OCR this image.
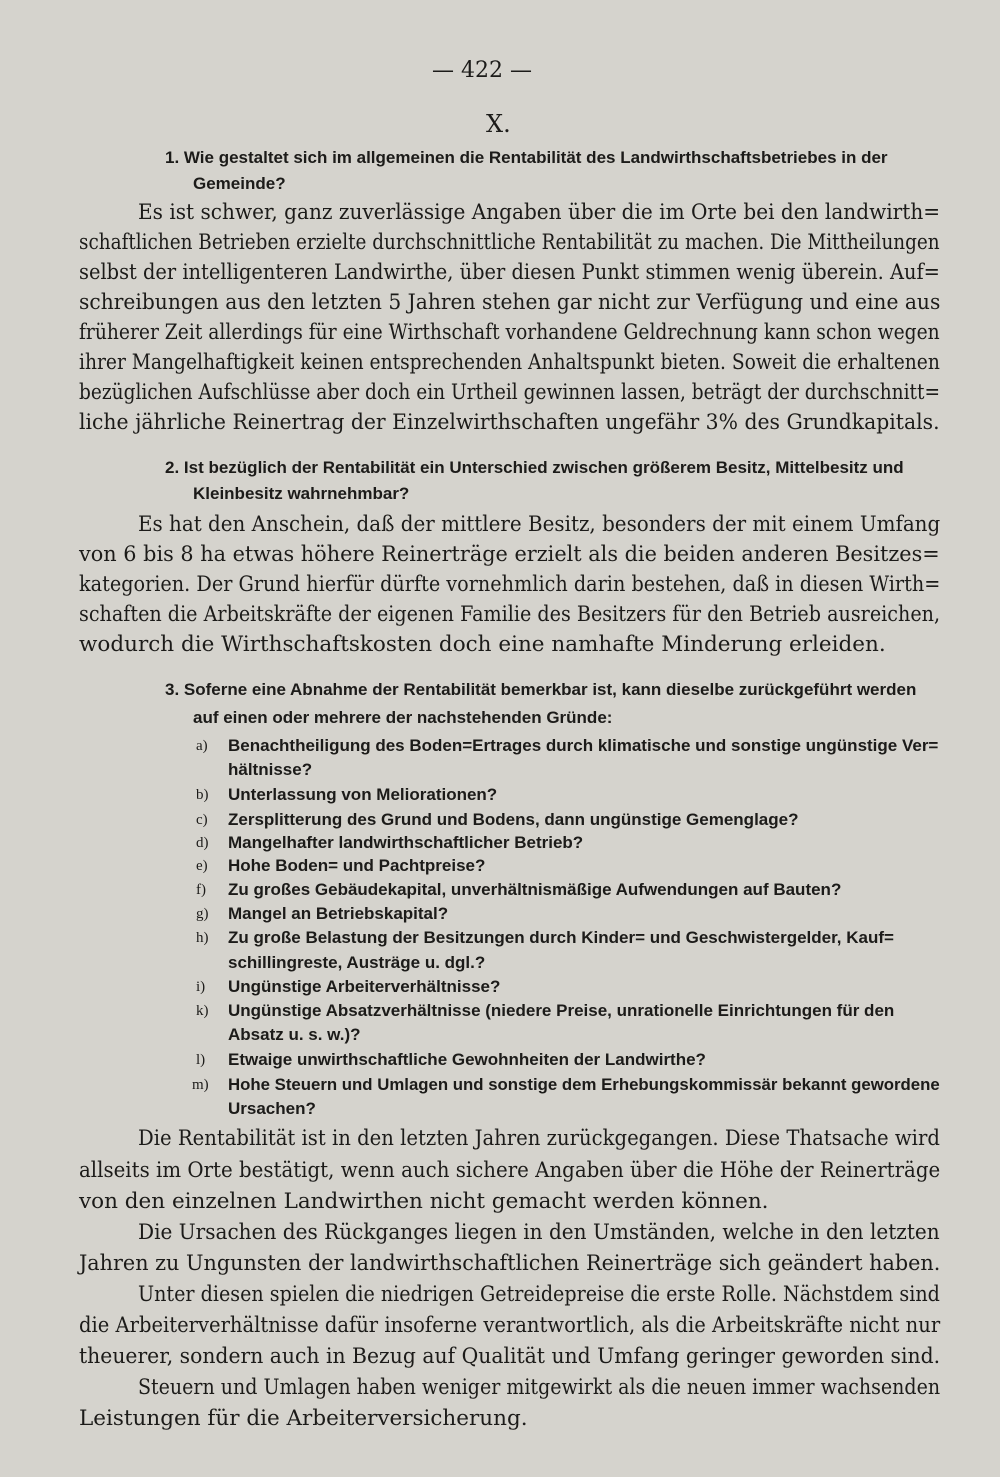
— 422 —
X.
1. Wie gestaltet sich im allgemeinen die Rentabilität des Landwirthschaftsbetriebes in der
Gemeinde?
Es ist schwer, ganz zuverlässige Angaben über die im Orte bei den landwirth=
schaftlichen Betrieben erzielte durchschnittliche Rentabilität zu machen. Die Mittheilungen
selbst der intelligenteren Landwirthe, über diesen Punkt stimmen wenig überein. Auf=
schreibungen aus den letzten 5 Jahren stehen gar nicht zur Verfügung und eine aus
früherer Zeit allerdings für eine Wirthschaft vorhandene Geldrechnung kann schon wegen
ihrer Mangelhaftigkeit keinen entsprechenden Anhaltspunkt bieten. Soweit die erhaltenen
bezüglichen Aufschlüsse aber doch ein Urtheil gewinnen lassen, beträgt der durchschnitt=
liche jährliche Reinertrag der Einzelwirthschaften ungefähr 3% des Grundkapitals.
2. Ist bezüglich der Rentabilität ein Unterschied zwischen größerem Besitz, Mittelbesitz und
Kleinbesitz wahrnehmbar?
Es hat den Anschein, daß der mittlere Besitz, besonders der mit einem Umfang
von 6 bis 8 ha etwas höhere Reinerträge erzielt als die beiden anderen Besitzes=
kategorien. Der Grund hierfür dürfte vornehmlich darin bestehen, daß in diesen Wirth=
schaften die Arbeitskräfte der eigenen Familie des Besitzers für den Betrieb ausreichen,
wodurch die Wirthschaftskosten doch eine namhafte Minderung erleiden.
3. Soferne eine Abnahme der Rentabilität bemerkbar ist, kann dieselbe zurückgeführt werden
auf einen oder mehrere der nachstehenden Gründe:
a) Benachtheiligung des Boden=Ertrages durch klimatische und sonstige ungünstige Ver=
hältnisse?
b) Unterlassung von Meliorationen?
c) Zersplitterung des Grund und Bodens, dann ungünstige Gemenglage?
d) Mangelhafter landwirthschaftlicher Betrieb?
e) Hohe Boden= und Pachtpreise?
f) Zu großes Gebäudekapital, unverhältnismäßige Aufwendungen auf Bauten?
g) Mangel an Betriebskapital?
h) Zu große Belastung der Besitzungen durch Kinder= und Geschwistergelder, Kauf=
schillingreste, Austräge u. dgl.?
i) Ungünstige Arbeiterverhältnisse?
k) Ungünstige Absatzverhältnisse (niedere Preise, unrationelle Einrichtungen für den
Absatz u. s. w.)?
l) Etwaige unwirthschaftliche Gewohnheiten der Landwirthe?
m) Hohe Steuern und Umlagen und sonstige dem Erhebungskommissär bekannt gewordene
Ursachen?
Die Rentabilität ist in den letzten Jahren zurückgegangen. Diese Thatsache wird
allseits im Orte bestätigt, wenn auch sichere Angaben über die Höhe der Reinerträge
von den einzelnen Landwirthen nicht gemacht werden können.
Die Ursachen des Rückganges liegen in den Umständen, welche in den letzten
Jahren zu Ungunsten der landwirthschaftlichen Reinerträge sich geändert haben.
Unter diesen spielen die niedrigen Getreidepreise die erste Rolle. Nächstdem sind
die Arbeiterverhältnisse dafür insoferne verantwortlich, als die Arbeitskräfte nicht nur
theuerer, sondern auch in Bezug auf Qualität und Umfang geringer geworden sind.
Steuern und Umlagen haben weniger mitgewirkt als die neuen immer wachsenden
Leistungen für die Arbeiterversicherung.
